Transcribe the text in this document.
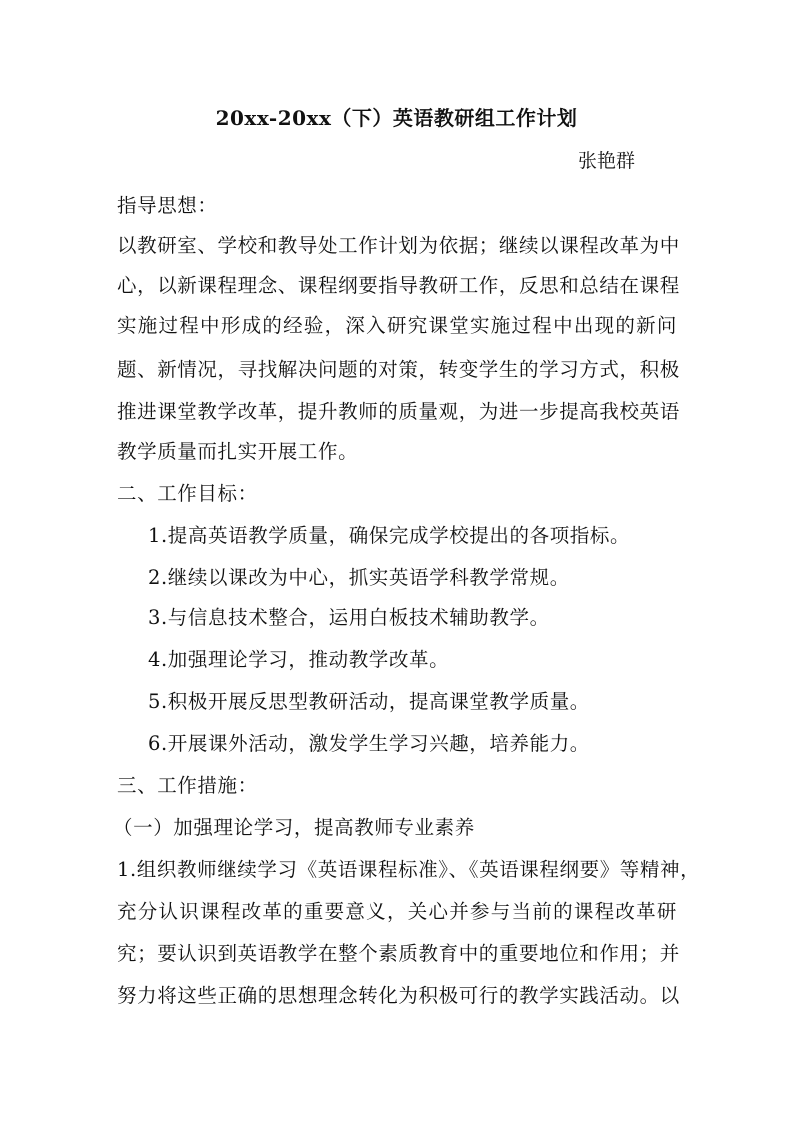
20xx-20xx（下）英语教研组工作计划
张艳群
指导思想：
以教研室、学校和教导处工作计划为依据；继续以课程改革为中
心，以新课程理念、课程纲要指导教研工作，反思和总结在课程
实施过程中形成的经验，深入研究课堂实施过程中出现的新问
题、新情况，寻找解决问题的对策，转变学生的学习方式，积极
推进课堂教学改革，提升教师的质量观，为进一步提高我校英语
教学质量而扎实开展工作。
二、工作目标：
1.提高英语教学质量，确保完成学校提出的各项指标。
2.继续以课改为中心，抓实英语学科教学常规。
3.与信息技术整合，运用白板技术辅助教学。
4.加强理论学习，推动教学改革。
5.积极开展反思型教研活动，提高课堂教学质量。
6.开展课外活动，激发学生学习兴趣，培养能力。
三、工作措施：
（一）加强理论学习，提高教师专业素养
1.组织教师继续学习《英语课程标准》、《英语课程纲要》等精神，
充分认识课程改革的重要意义，关心并参与当前的课程改革研
究；要认识到英语教学在整个素质教育中的重要地位和作用；并
努力将这些正确的思想理念转化为积极可行的教学实践活动。以
